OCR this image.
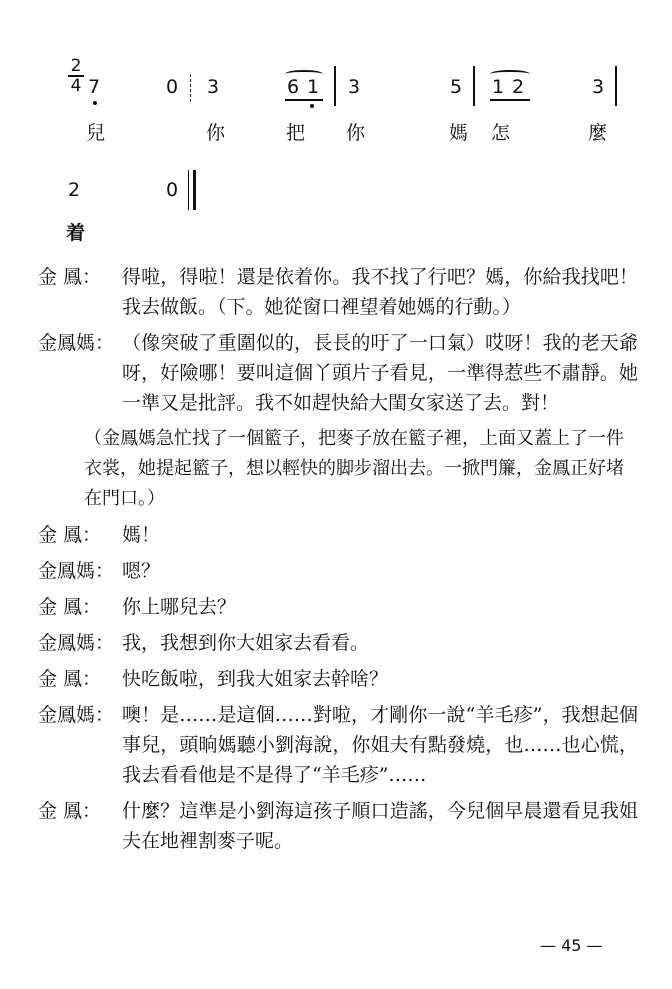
2
4 7	0 3	6 1 3	5 1 2	3
兒	你	把 你	媽 怎	麼
2	0
着
金 鳳：	得啦，得啦！還是依着你。我不找了行吧？媽，你給我找吧！我去做飯。（下。她從窗口裡望着她媽的行動。）
金鳳媽： （像突破了重圍似的，長長的吁了一口氣）哎呀！我的老天爺呀，好險哪！要叫這個丫頭片子看見，一準得惹些不肅靜。她一準又是批評。我不如趕快給大閨女家送了去。對！
（金鳳媽急忙找了一個籃子，把麥子放在籃子裡，上面又蓋上了一件衣裳，她提起籃子，想以輕快的脚步溜出去。一掀門簾，金鳳正好堵在門口。）
金 鳳：	媽！
金鳳媽： 嗯？
金 鳳：	你上哪兒去？
金鳳媽： 我，我想到你大姐家去看看。
金 鳳：	快吃飯啦，到我大姐家去幹啥？
金鳳媽： 噢！是……是這個……對啦，才剛你一說“羊毛疹”，我想起個事兒，頭晌媽聽小劉海說，你姐夫有點發燒，也……也心慌，我去看看他是不是得了“羊毛疹”……
金 鳳：	什麼？這準是小劉海這孩子順口造謠，今兒個早晨還看見我姐夫在地裡割麥子呢。
— 45 —
